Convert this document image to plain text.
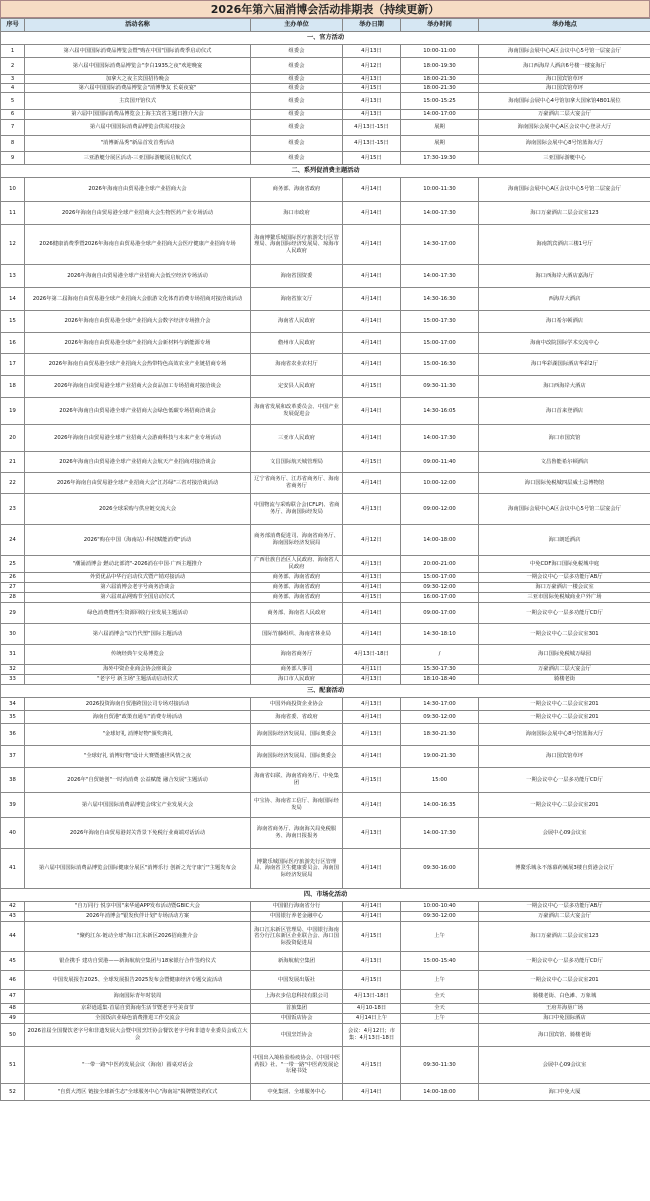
2026年第六届消博会活动排期表（持续更新）
序号	活动名称	主办单位	举办日期	举办时间	举办地点
一、官方活动					
1	第六届中国国际消费品博览会暨"购在中国"国际消费季启动仪式	组委会	4月13日	10:00-11:00	海南国际会展中心A区会议中心5号馆一层宴会厅
2	第六届中国国际消费品博览会"李白1935之夜"欢迎晚宴	组委会	4月12日	18:00-19:30	海口西海岸人酒店6号楼一楼宴海厅
3	加拿大之夜主宾国招待晚会	组委会	4月13日	18:00-21:30	海口国宾馆草坪
4	第六届中国国际消费品博览会"消博挚友 长桌夜宴"	组委会	4月15日	18:00-21:30	海口国宾馆草坪
5	主宾国开馆仪式	组委会	4月13日	15:00-15:25	海南国际会展中心4号馆加拿大国家馆4B01展位
6	第六届中国国际消费品博览会上海主宾省主题日推介大会	组委会	4月13日	14:00-17:00	万豪酒店二层大宴会厅
7	第六届中国国际消费品博览会供需对接会	组委会	4月13日-15日	展期	海南国际会展中心A区会议中心登录大厅
8	"消博新品秀"新品首发首秀活动	组委会	4月13日-15日	展期	海南国际会展中心8号馆蓝海大厅
9	三亚游艇分展区活动-三亚国际游艇展启航仪式	组委会	4月15日	17:30-19:30	三亚国际游艇中心
二、系列促消费主题活动					
10	2026年海南自由贸易港全球产业招商大会	商务部、海南省政府	4月14日	10:00-11:30	海南国际会展中心A区会议中心5号馆二层宴会厅
11	2026年海南自由贸易港全球产业招商大会生物医药产业专场活动	海口市政府	4月14日	14:00-17:30	海口万豪酒店二层会议室123
12	2026健康消费季暨2026年海南自由贸易港全球产业招商大会医疗健康产业招商专场	海南博鳌乐城国际医疗旅游先行区管理局、海南国际经济发展局、琼海市人民政府	4月14日	14:30-17:00	海南凯宾酒店三楼1号厅
13	2026年海南自由贸易港全球产业招商大会低空经济专场活动	海南省国资委	4月14日	14:00-17:30	海口西海岸大酒店嘉海厅
14	2026年第二届海南自由贸易港全球产业招商大会旅游文化体育消费专场招商对接洽谈活动	海南省旅文厅	4月14日	14:30-16:30	西海岸大酒店
15	2026年海南自由贸易港全球产业招商大会数字经济专场推介会	海南省人民政府	4月14日	15:00-17:30	海口希尔顿酒店
16	2026年海南自由贸易港全球产业招商大会新材料与新能源专场	儋州市人民政府	4月14日	15:00-17:00	海南中改院国际学术交流中心
17	2026年海南自由贸易港全球产业招商大会热带特色高效农业产业链招商专场	海南省农业农村厅	4月14日	15:00-16:30	海口华彩湖国际酒店华彩2厅
18	2026年海南自由贸易港全球产业招商大会食品加工专场招商对接洽谈会	定安县人民政府	4月15日	09:30-11:30	海口西海岸大酒店
19	2026年海南自由贸易港全球产业招商大会绿色低碳专场招商洽谈会	海南省发展和改革委员会、中国产业发展促进会	4月14日	14:30-16:05	海口首来登酒店
20	2026年海南自由贸易港全球产业招商大会游商科技与未来产业专场活动	三亚市人民政府	4月14日	14:00-17:30	海口市国宾馆
21	2026年海南自由贸易港全球产业招商大会航天产业招商对接洽谈会	文昌国际航天城管理局	4月15日	09:00-11:40	文昌鲁能希尔顿酒店
22	2026年海南自由贸易港全球产业招商大会"江苏绿"三省对接洽谈活动	辽宁省商务厅、江苏省商务厅、海南省商务厅	4月14日	10:00-12:00	海口国际免税城四层威士忌博物馆
23	2026全球采购与供应链交流大会	中国物流与采购联合会(CFLP)、省商务厅、海南国际经发局	4月13日	09:00-12:00	海南国际会展中心A区会议中心5号馆二层宴会厅
24	2026"购在中国（海南站）·科技赋能消费"活动	商务部消费促进司、海南省商务厅、海南国际经济发展局	4月12日	14:00-18:00	海口朗廷酒店
25	"潮涌消博会 燃动北部湾"-2026消在中国·广西主题推介	广西壮族自治区人民政府、海南省人民政府	4月13日	20:00-21:00	中免CDF海口国际免税城中庭
26	外贸优品中华行启动仪式暨产销对接活动	商务部、海南省政府	4月13日	15:00-17:00	一期会议中心一层多功能厅AB厅
27	第六届消博会老字号商务洽谈会	商务部、海南省政府	4月14日	09:30-12:00	海口万豪酒店一楼会议室
28	第六届双品网购节全国启动仪式	商务部、海南省政府	4月15日	16:00-17:00	三亚市国际免税城商业户外广场
29	绿色消费暨再生资源回收行业发展主题活动	商务部、海南省人民政府	4月14日	09:00-17:00	一期会议中心一层多功能厅CD厅
30	第六届消博会"以竹代塑"国际主题活动	国际竹藤组织、海南省林业局	4月14日	14:30-18:10	一期会议中心二层会议室301
31	传统经典午交易博览会	海南省商务厅	4月13日-18日	/	海口国际免税城万绿园
32	海外中资企业商会协会座谈会	商务部人事司	4月11日	15:30-17:30	万豪酒店二层大宴会厅
33	"老字号 新主场"主题活动启动仪式	海口市人民政府	4月13日	18:10-18:40	骑楼老街
三、配套活动					
34	2026投资海南自贸港跨国公司专场对接活动	中国外商投资企业协会	4月13日	14:30-17:00	一期会议中心二层会议室201
35	海南自贸港"政策直通车"消费专场活动	海南省委、省政府	4月14日	09:30-12:00	一期会议中心二层会议室201
36	"金球好礼 消博好物"颁奖典礼	海南国际经济发展局、国际奥委会	4月13日	18:30-21:30	海南国际会展中心8号馆蓝海大厅
37	"全球好礼 消博好物"设计大赛暨盛世风情之夜	海南国际经济发展局、国际奥委会	4月14日	19:00-21:30	海口国宾馆草坪
38	2026年"自贸她创"一时尚消费 公益赋能 融合发展"主题活动	海南省妇联、海南省商务厅、中免集团	4月15日	15:00	一期会议中心一层多功能厅CD厅
39	第六届中国国际消费品博览会珠宝产业发展大会	中宝协、海南省工信厅、海南国际经发局	4月14日	14:00-16:35	一期会议中心二层会议室201
40	2026年海南自由贸易港封关背景下免税行业商端对话活动	海南省商务厅、海南海关局免税服务、海南日报报务	4月13日	14:00-17:30	会展中心09会议室
41	第六届中国国际消费品博览会国际健康分展区"消博乐行 创新之光守康宁"主题发布会	博鳌乐城国际医疗旅游先行区管理局、海南省卫生健康委员会、海南国际经济发展局	4月14日	09:30-16:00	博鳌乐城永不落幕药械展3楼自贸港会议厅
四、市场化活动					
42	"自万同行 悦享中国"来华通APP发布活动暨GBIC大会	中国银行海南省分行	4月14日	10:00-10:40	一期会议中心一层多功能厅AB厅
43	2026年消博会"银发伙伴计划"专场活动方案	中国银行养老金融中心	4月14日	09:30-12:00	万豪酒店二层大宴会厅
44	"聚约江东·链动全球"海口江东新区2026招商推介会	海口江东新区管理局、中国银行海南省分行江东新区企业联合会、海口国际投资促进局	4月15日	上午	海口万豪酒店二层会议室123
45	银企携手 建功自贸港——新海航航空集团与18家银行合作签约仪式	新海航航空集团	4月13日	15:00-15:40	一期会议中心一层多功能厅CD厅
46	中国发展报告2025、全球发展报告2025发布会暨健康经济专题交流活动	中国发展出版社	4月15日	上午	一期会议中心二层会议室201
47	海南国际青年时装周	上海衣步信息科技有限公司	4月13日-18日	全天	骑楼老街、白色滩、万象城
48	京彩逍遥集·首届自贸海南生活节暨老字号美食节	首旅集团	4月10-18日	全天	王府井海垦广场
49	全国饭店业绿色消费推进工作交流会	中国饭店协会	4月14日上午	上午	海口中免国际酒店
50	2026首届全国餐饮老字号和非遗发展大会暨中国烹饪协会餐饮老字号和非遗专业委员会成立大会	中国烹饪协会	会议：4月12日；市集：4月13日-18日		海口国宾馆、骑楼老街
51	"一带一路"中医药发展会议（海南）圆桌对话会	中国出入境检验检疫协会、《中国中医药报》社、"一带一路"中医药发展论坛秘书处	4月15日	09:30-11:30	会展中心09会议室
52	"自贸大湾区 链接全球新生态"全球服务中心"海南站"揭牌暨签约仪式	中免集团、全球服务中心	4月14日	14:00-18:00	海口中免大厦
